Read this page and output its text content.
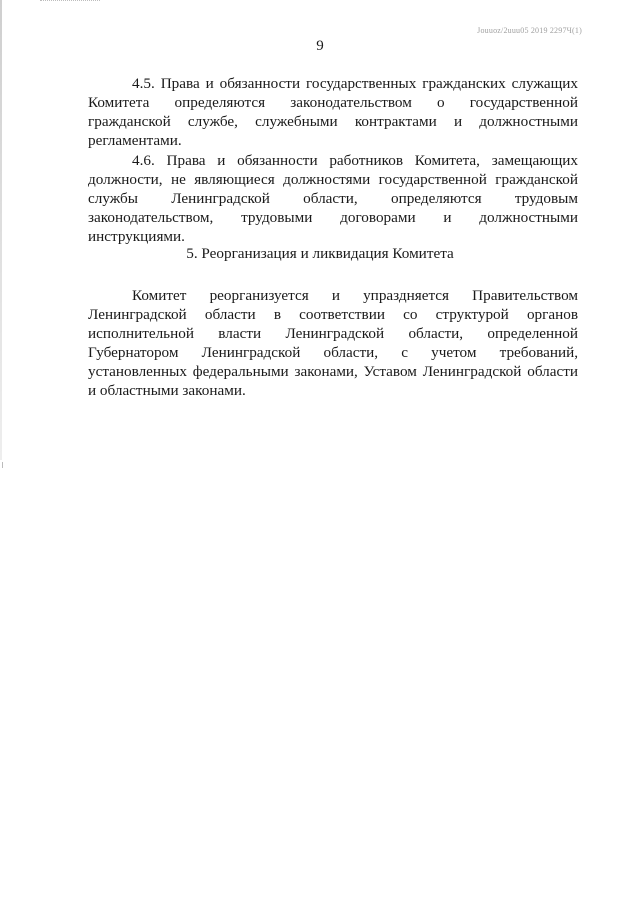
Jouuoz/2uuu05 2019 2297Ч(1)
9

4.5. Права и обязанности государственных гражданских служащих Комитета определяются законодательством о государственной гражданской службе, служебными контрактами и должностными регламентами.

4.6. Права и обязанности работников Комитета, замещающих должности, не являющиеся должностями государственной гражданской службы Ленинградской области, определяются трудовым законодательством, трудовыми договорами и должностными инструкциями.

5. Реорганизация и ликвидация Комитета

Комитет реорганизуется и упраздняется Правительством Ленинградской области в соответствии со структурой органов исполнительной власти Ленинградской области, определенной Губернатором Ленинградской области, с учетом требований, установленных федеральными законами, Уставом Ленинградской области и областными законами.
